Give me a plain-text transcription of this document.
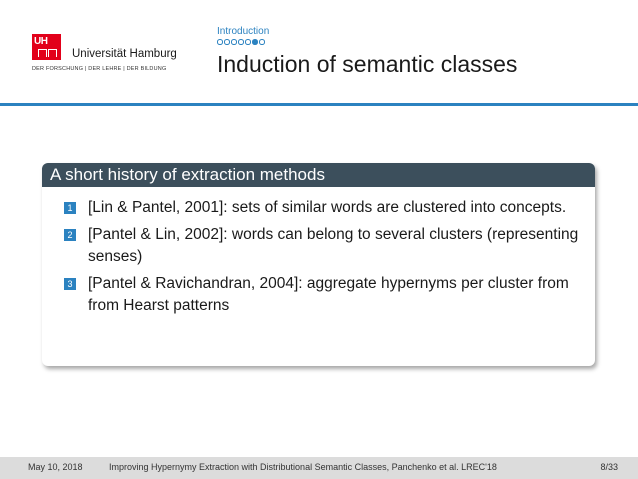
UH
Universität Hamburg
DER FORSCHUNG | DER LEHRE | DER BILDUNG
Introduction
Induction of semantic classes
A short history of extraction methods
1 [Lin & Pantel, 2001]: sets of similar words are clustered into concepts.
2 [Pantel & Lin, 2002]: words can belong to several clusters (representing senses)
3 [Pantel & Ravichandran, 2004]: aggregate hypernyms per cluster from from Hearst patterns
May 10, 2018	Improving Hypernymy Extraction with Distributional Semantic Classes, Panchenko et al. LREC'18	8/33
